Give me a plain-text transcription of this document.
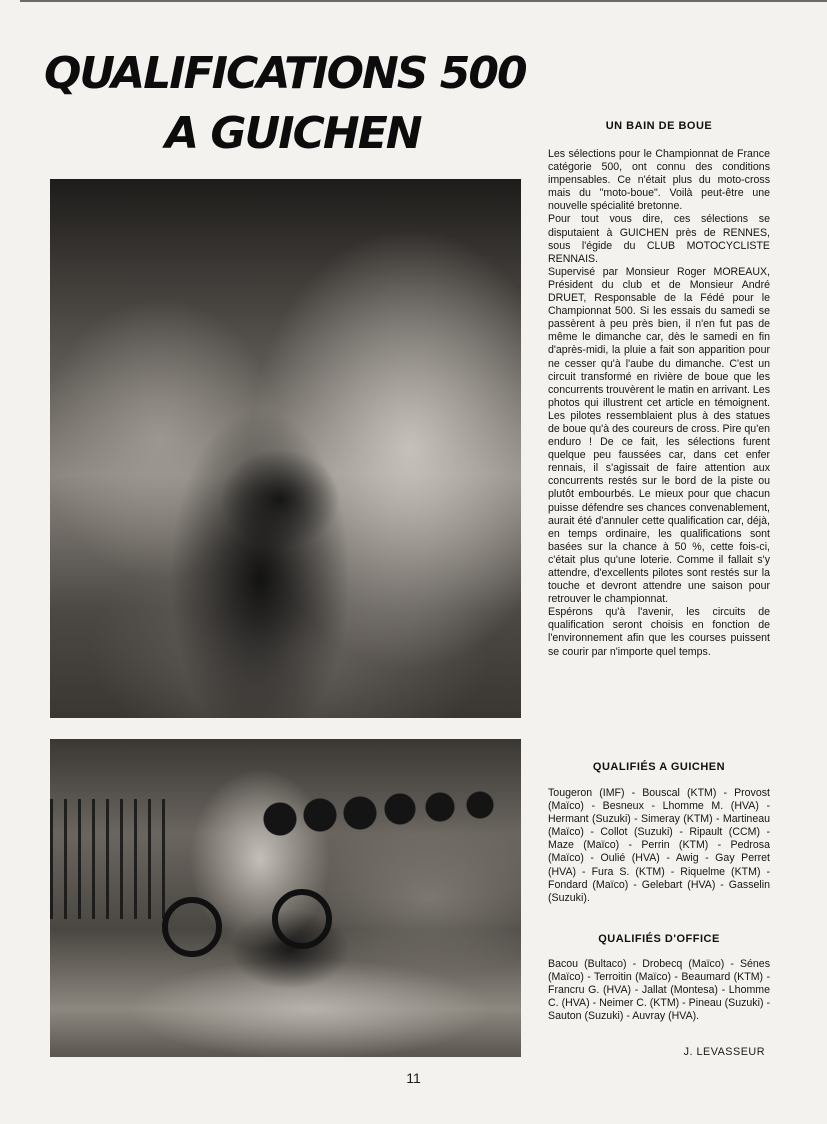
QUALIFICATIONS 500
A GUICHEN	UN BAIN DE BOUE

Les sélections pour le Championnat de France catégorie 500, ont connu des conditions impensables. Ce n'était plus du moto-cross mais du "moto-boue". Voilà peut-être une nouvelle spécialité bretonne.

Pour tout vous dire, ces sélections se disputaient à GUICHEN près de RENNES, sous l'égide du CLUB MOTOCYCLISTE RENNAIS.

Supervisé par Monsieur Roger MOREAUX, Président du club et de Monsieur André DRUET, Responsable de la Fédé pour le Championnat 500. Si les essais du samedi se passèrent à peu près bien, il n'en fut pas de même le dimanche car, dès le samedi en fin d'après-midi, la pluie a fait son apparition pour ne cesser qu'à l'aube du dimanche. C'est un circuit transformé en rivière de boue que les concurrents trouvèrent le matin en arrivant. Les photos qui illustrent cet article en témoignent. Les pilotes ressemblaient plus à des statues de boue qu'à des coureurs de cross. Pire qu'en enduro ! De ce fait, les sélections furent quelque peu faussées car, dans cet enfer rennais, il s'agissait de faire attention aux concurrents restés sur le bord de la piste ou plutôt embourbés. Le mieux pour que chacun puisse défendre ses chances convenablement, aurait été d'annuler cette qualification car, déjà, en temps ordinaire, les qualifications sont basées sur la chance à 50 %, cette fois-ci, c'était plus qu'une loterie. Comme il fallait s'y attendre, d'excellents pilotes sont restés sur la touche et devront attendre une saison pour retrouver le championnat.

Espérons qu'à l'avenir, les circuits de qualification seront choisis en fonction de l'environnement afin que les courses puissent se courir par n'importe quel temps.

QUALIFIÉS A GUICHEN

Tougeron (IMF) - Bouscal (KTM) - Provost (Maïco) - Besneux - Lhomme M. (HVA) - Hermant (Suzuki) - Simeray (KTM) - Martineau (Maïco) - Collot (Suzuki) - Ripault (CCM) - Maze (Maïco) - Perrin (KTM) - Pedrosa (Maïco) - Oulié (HVA) - Awig - Gay Perret (HVA) - Fura S. (KTM) - Riquelme (KTM) - Fondard (Maïco) - Gelebart (HVA) - Gasselin (Suzuki).

QUALIFIÉS D'OFFICE

Bacou (Bultaco) - Drobecq (Maïco) - Sénes (Maïco) - Terroitin (Maïco) - Beaumard (KTM) - Francru G. (HVA) - Jallat (Montesa) - Lhomme C. (HVA) - Neimer C. (KTM) - Pineau (Suzuki) - Sauton (Suzuki) - Auvray (HVA).

J. LEVASSEUR

11
